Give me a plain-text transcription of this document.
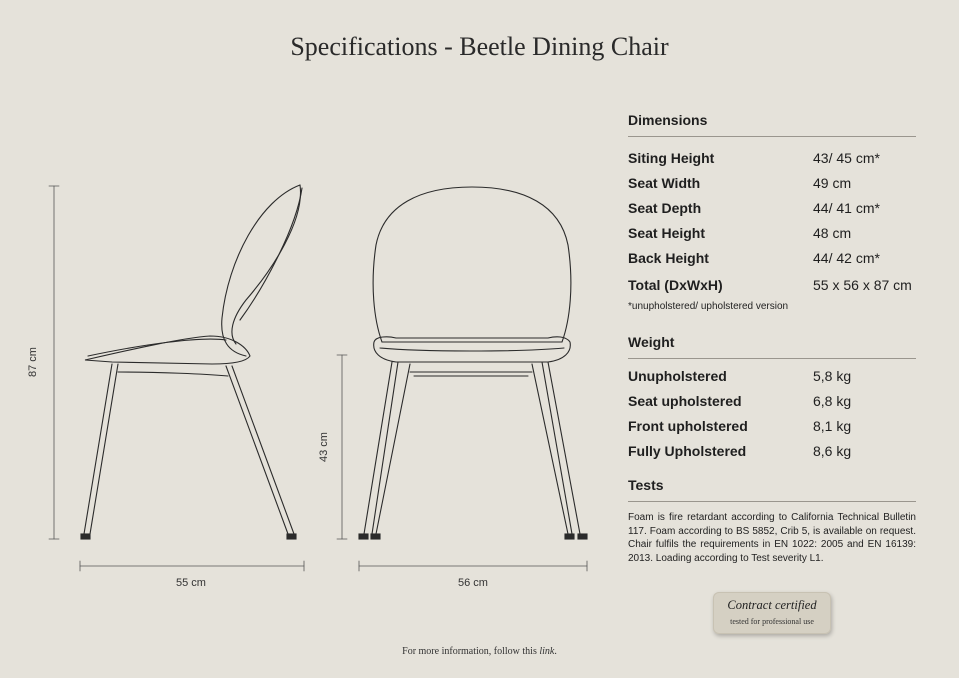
Specifications - Beetle Dining Chair
87 cm
55 cm
43 cm
56 cm
Dimensions
Siting Height	43/ 45 cm*
Seat Width	49 cm
Seat Depth	44/ 41 cm*
Seat Height	48 cm
Back Height	44/ 42 cm*
Total (DxWxH)	55 x 56 x 87 cm
*unupholstered/ upholstered version
Weight
Unupholstered	5,8 kg
Seat upholstered	6,8 kg
Front upholstered	8,1 kg
Fully Upholstered	8,6 kg
Tests
Foam is fire retardant according to California Technical Bulletin 117. Foam according to BS 5852, Crib 5, is available on request. Chair fulfils the requirements in EN 1022: 2005 and EN 16139: 2013. Loading according to Test severity L1.
Contract certified
tested for professional use
For more information, follow this link.
